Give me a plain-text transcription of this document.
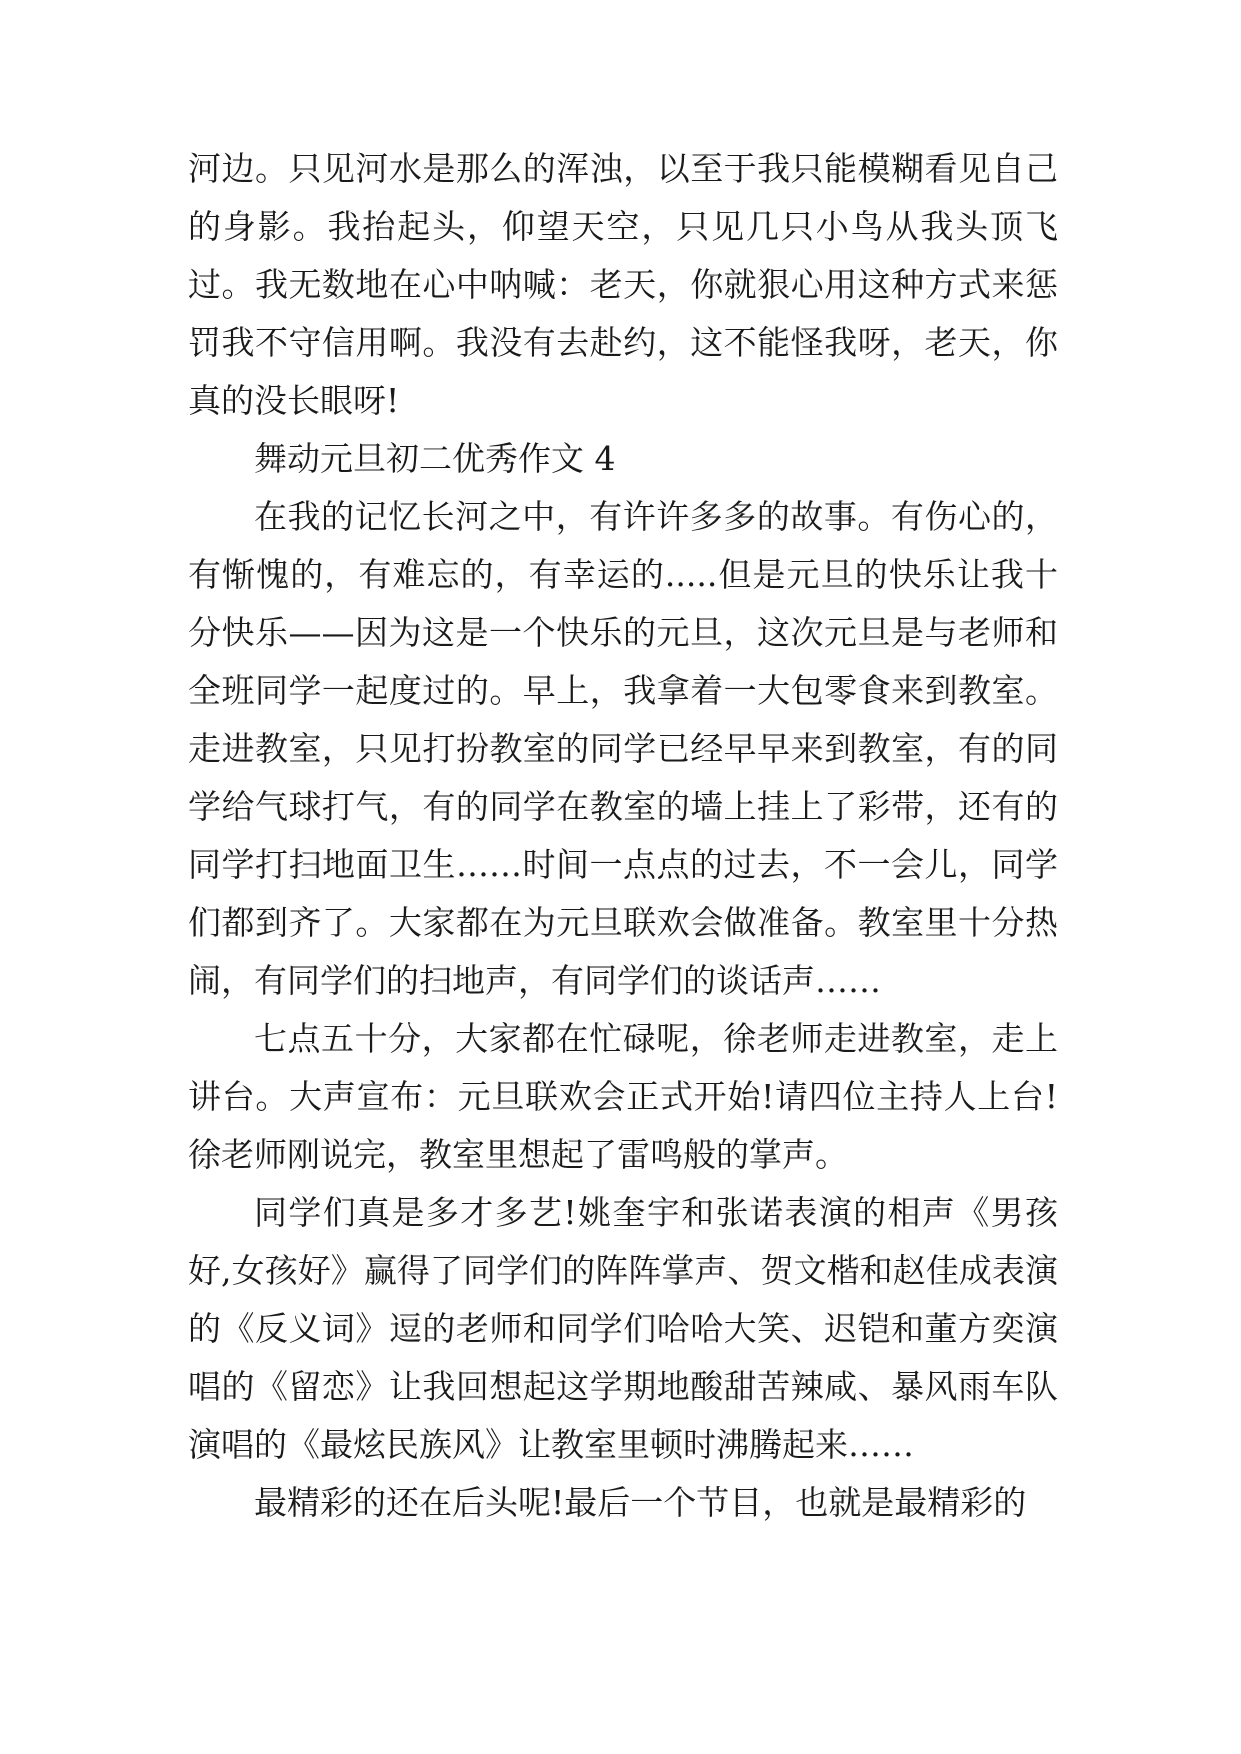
河边。只见河水是那么的浑浊，以至于我只能模糊看见自己的身影。我抬起头，仰望天空，只见几只小鸟从我头顶飞过。我无数地在心中呐喊：老天，你就狠心用这种方式来惩罚我不守信用啊。我没有去赴约，这不能怪我呀，老天，你真的没长眼呀!

舞动元旦初二优秀作文 4

在我的记忆长河之中，有许许多多的故事。有伤心的，有惭愧的，有难忘的，有幸运的.....但是元旦的快乐让我十分快乐——因为这是一个快乐的元旦，这次元旦是与老师和全班同学一起度过的。早上，我拿着一大包零食来到教室。走进教室，只见打扮教室的同学已经早早来到教室，有的同学给气球打气，有的同学在教室的墙上挂上了彩带，还有的同学打扫地面卫生……时间一点点的过去，不一会儿，同学们都到齐了。大家都在为元旦联欢会做准备。教室里十分热闹，有同学们的扫地声，有同学们的谈话声……

七点五十分，大家都在忙碌呢，徐老师走进教室，走上讲台。大声宣布：元旦联欢会正式开始!请四位主持人上台!徐老师刚说完，教室里想起了雷鸣般的掌声。

同学们真是多才多艺!姚奎宇和张诺表演的相声《男孩好,女孩好》赢得了同学们的阵阵掌声、贺文楷和赵佳成表演的《反义词》逗的老师和同学们哈哈大笑、迟铠和董方奕演唱的《留恋》让我回想起这学期地酸甜苦辣咸、暴风雨车队演唱的《最炫民族风》让教室里顿时沸腾起来……

最精彩的还在后头呢!最后一个节目，也就是最精彩的
